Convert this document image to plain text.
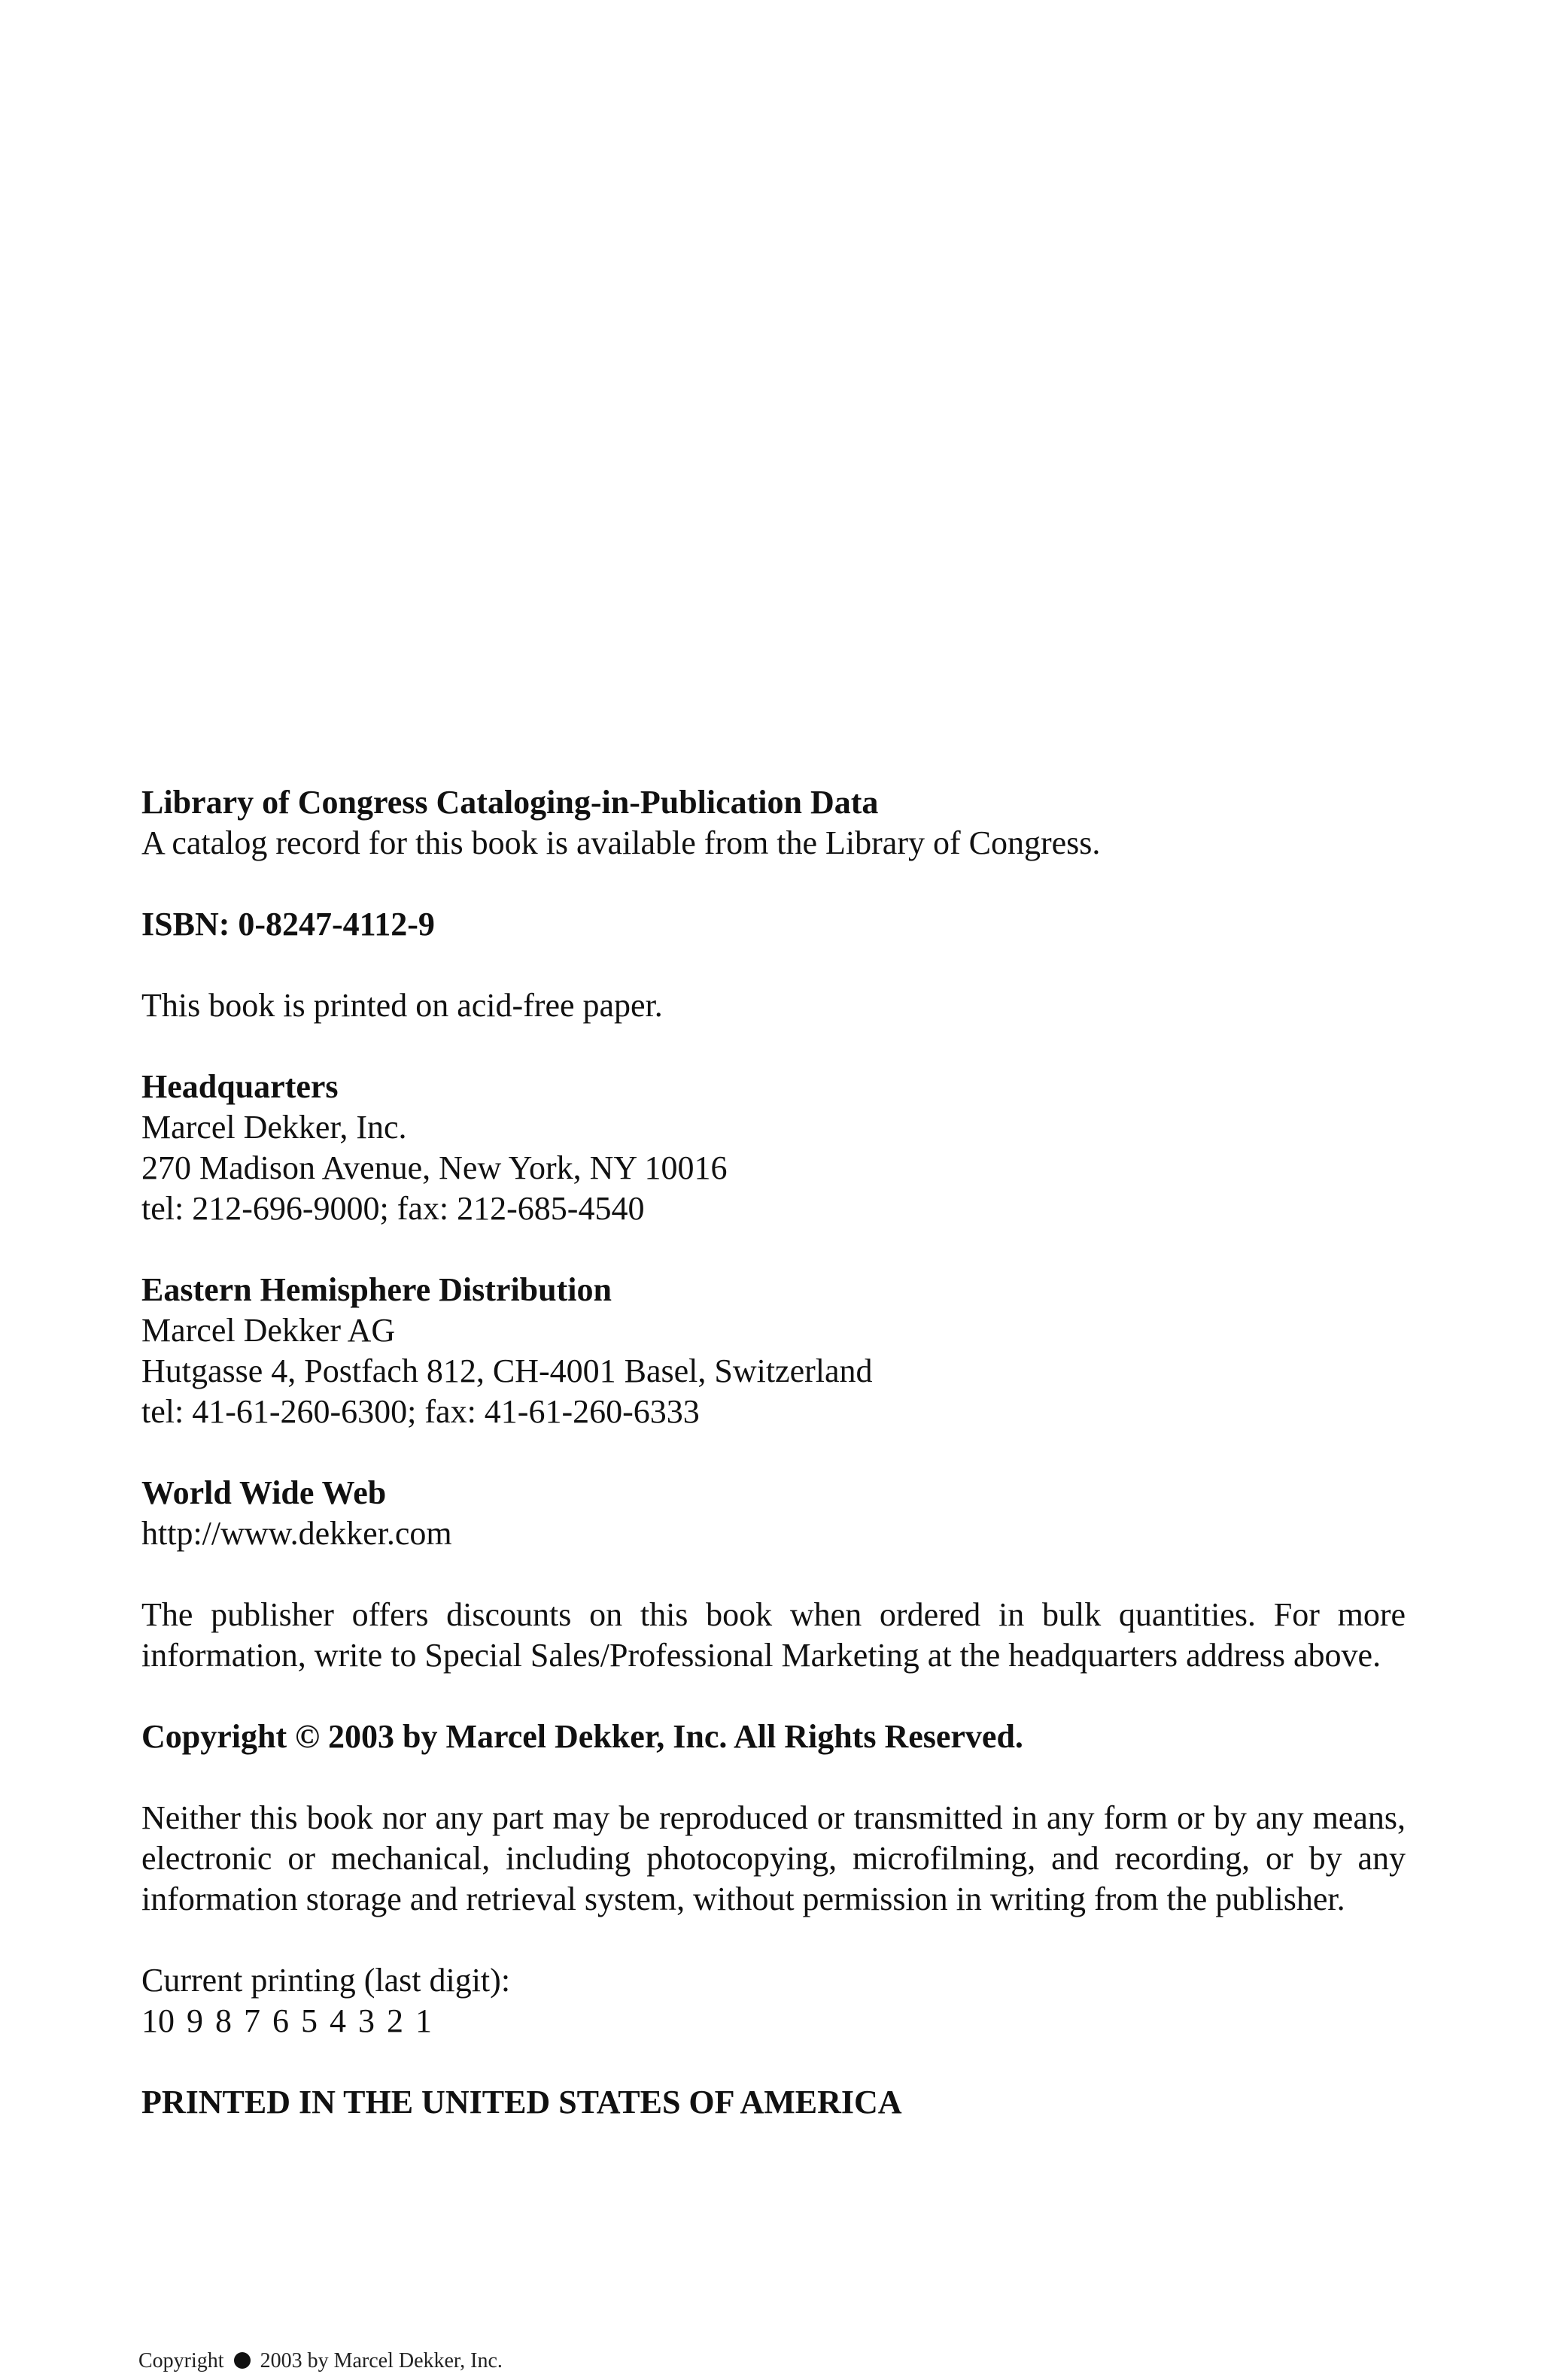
Library of Congress Cataloging-in-Publication Data

A catalog record for this book is available from the Library of Congress.

ISBN: 0-8247-4112-9

This book is printed on acid-free paper.

Headquarters

Marcel Dekker, Inc.

270 Madison Avenue, New York, NY 10016

tel: 212-696-9000; fax: 212-685-4540

Eastern Hemisphere Distribution

Marcel Dekker AG

Hutgasse 4, Postfach 812, CH-4001 Basel, Switzerland

tel: 41-61-260-6300; fax: 41-61-260-6333

World Wide Web

http://www.dekker.com

The publisher offers discounts on this book when ordered in bulk quantities. For more information, write to Special Sales/Professional Marketing at the headquarters address above.

Copyright © 2003 by Marcel Dekker, Inc. All Rights Reserved.

Neither this book nor any part may be reproduced or transmitted in any form or by any means, electronic or mechanical, including photocopying, microfilming, and recording, or by any information storage and retrieval system, without permission in writing from the publisher.

Current printing (last digit):

10 9 8 7 6 5 4 3 2 1

PRINTED IN THE UNITED STATES OF AMERICA

Copyright 2003 by Marcel Dekker, Inc.
